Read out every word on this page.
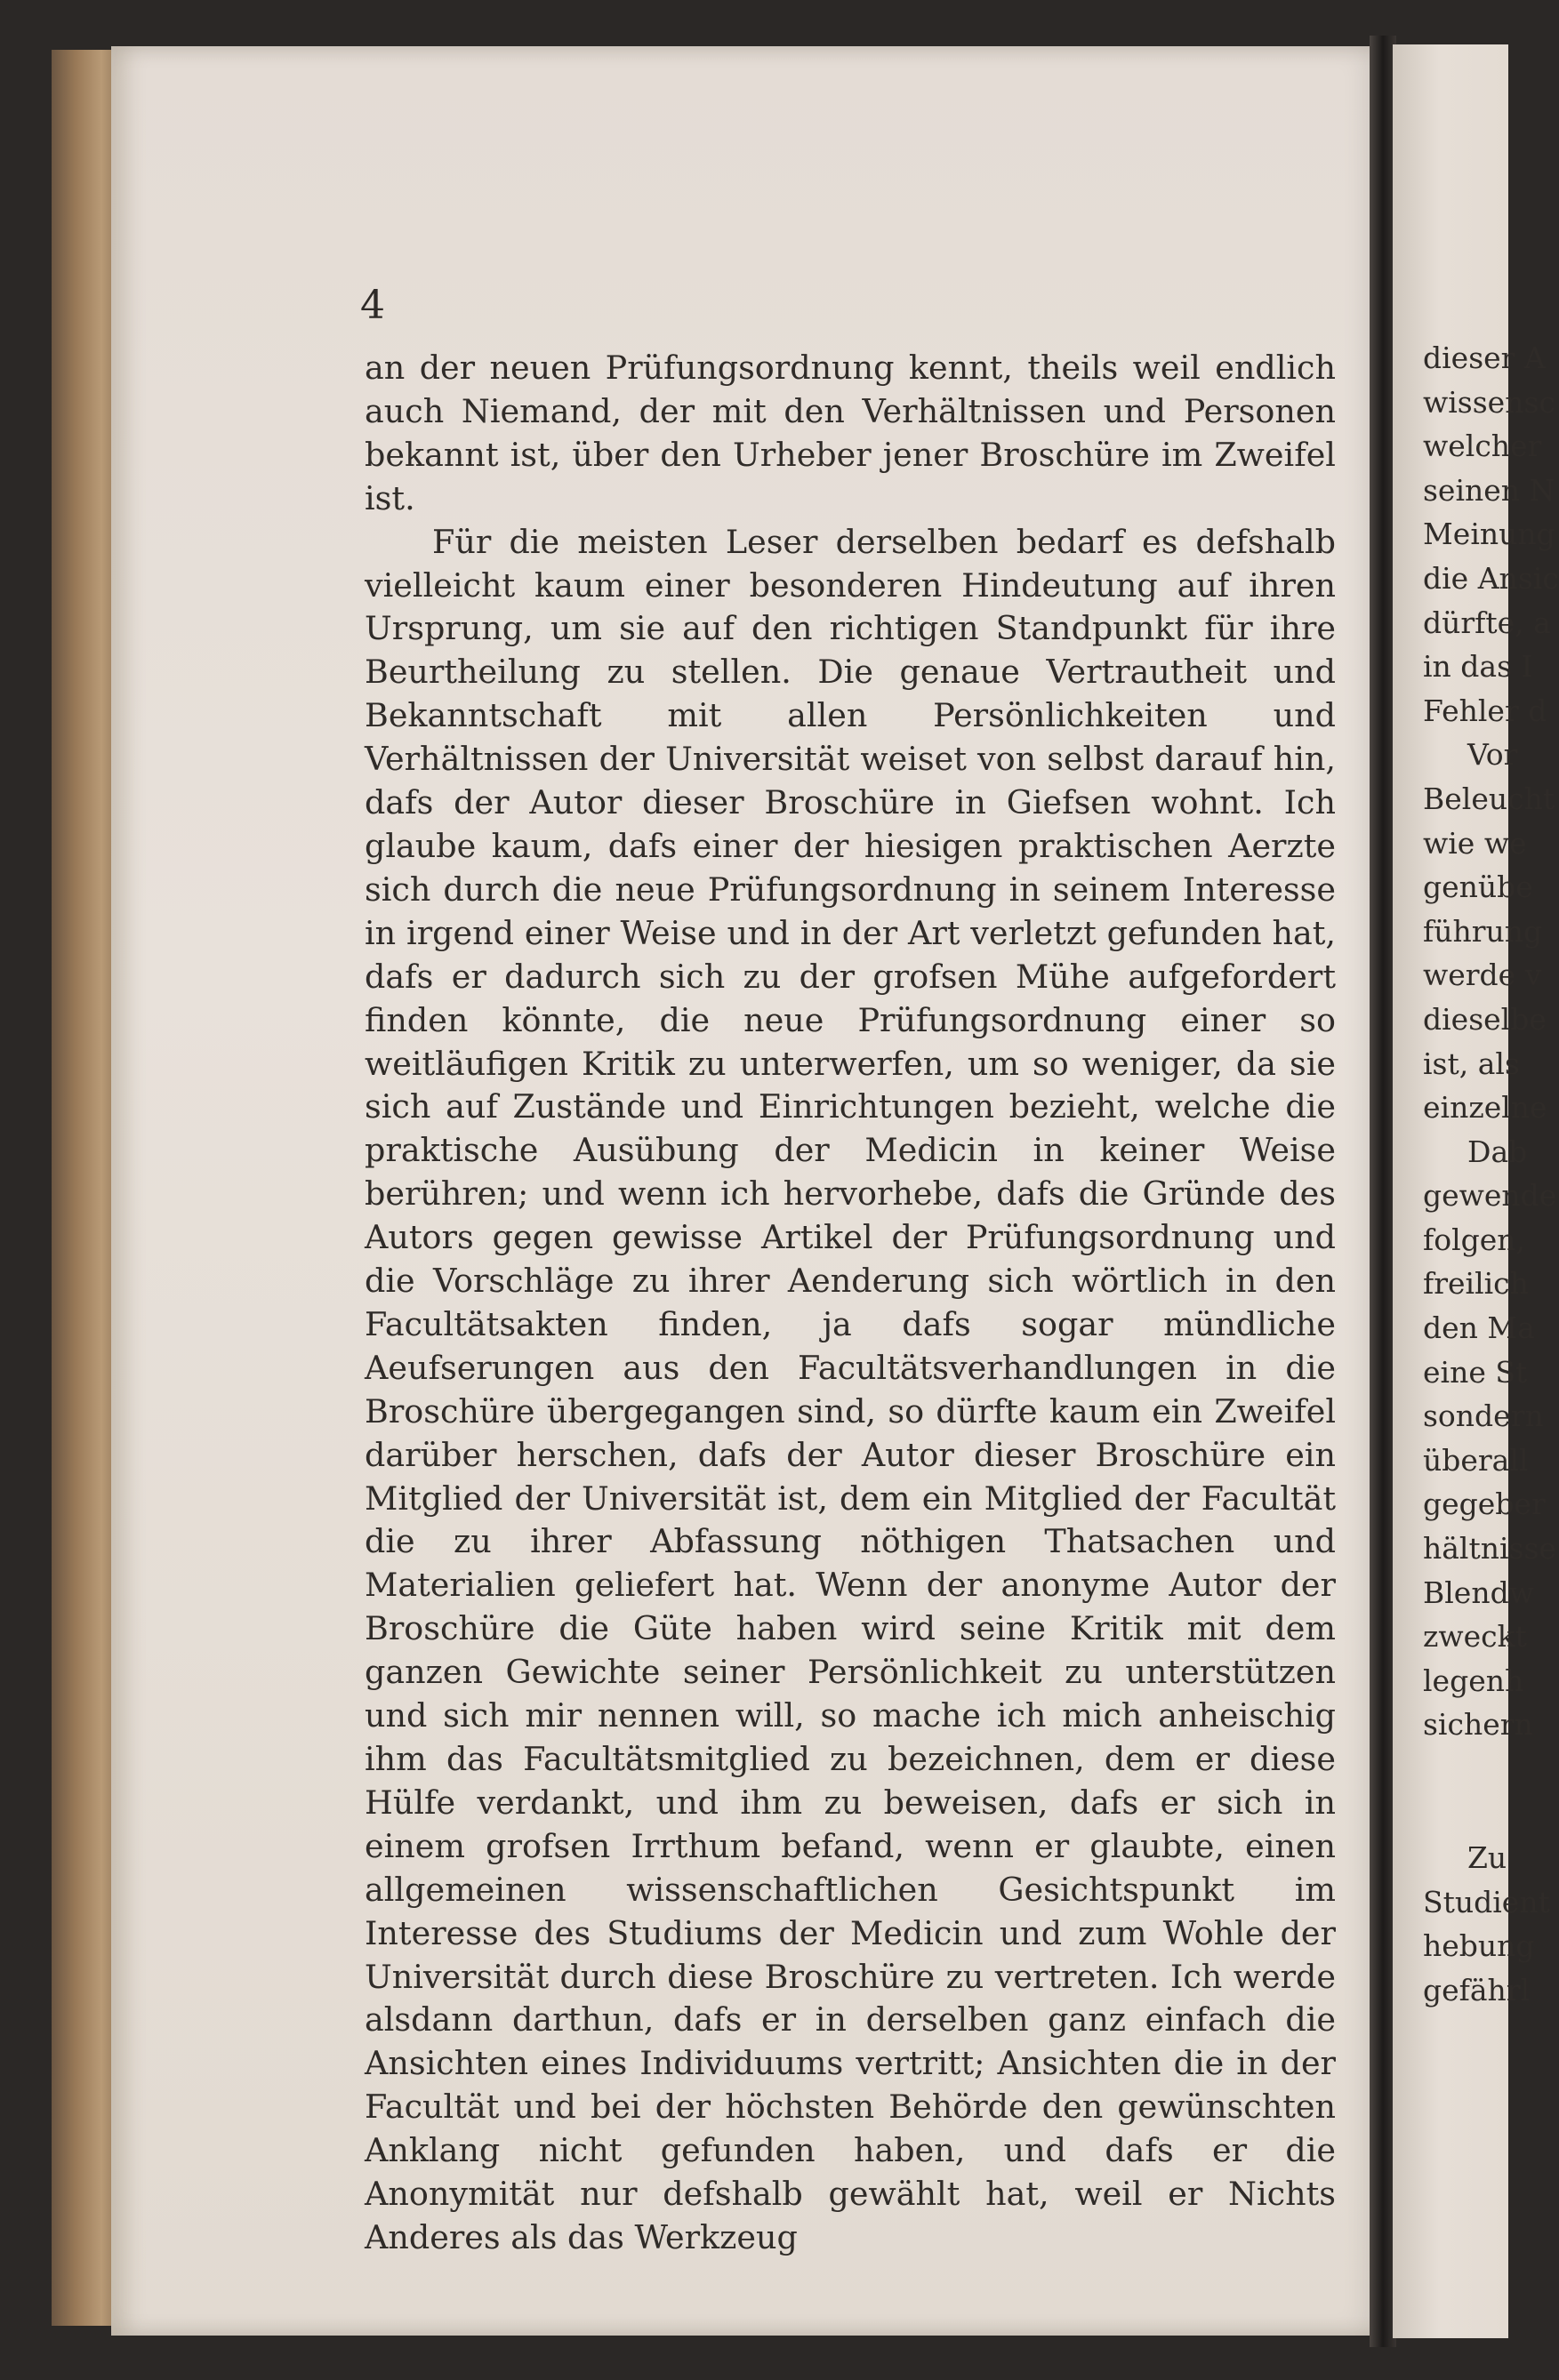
4

an der neuen Prüfungsordnung kennt, theils weil endlich auch Niemand, der mit den Verhältnissen und Personen bekannt ist, über den Urheber jener Broschüre im Zweifel ist.

Für die meisten Leser derselben bedarf es defshalb vielleicht kaum einer besonderen Hindeutung auf ihren Ursprung, um sie auf den richtigen Standpunkt für ihre Beurtheilung zu stellen. Die genaue Vertrautheit und Bekanntschaft mit allen Persönlichkeiten und Verhältnissen der Universität weiset von selbst darauf hin, dafs der Autor dieser Broschüre in Giefsen wohnt. Ich glaube kaum, dafs einer der hiesigen praktischen Aerzte sich durch die neue Prüfungsordnung in seinem Interesse in irgend einer Weise und in der Art verletzt gefunden hat, dafs er dadurch sich zu der grofsen Mühe aufgefordert finden könnte, die neue Prüfungsordnung einer so weitläufigen Kritik zu unterwerfen, um so weniger, da sie sich auf Zustände und Einrichtungen bezieht, welche die praktische Ausübung der Medicin in keiner Weise berühren; und wenn ich hervorhebe, dafs die Gründe des Autors gegen gewisse Artikel der Prüfungsordnung und die Vorschläge zu ihrer Aenderung sich wörtlich in den Facultätsakten finden, ja dafs sogar mündliche Aeufserungen aus den Facultätsverhandlungen in die Broschüre übergegangen sind, so dürfte kaum ein Zweifel darüber herschen, dafs der Autor dieser Broschüre ein Mitglied der Universität ist, dem ein Mitglied der Facultät die zu ihrer Abfassung nöthigen Thatsachen und Materialien geliefert hat. Wenn der anonyme Autor der Broschüre die Güte haben wird seine Kritik mit dem ganzen Gewichte seiner Persönlichkeit zu unterstützen und sich mir nennen will, so mache ich mich anheischig ihm das Facultätsmitglied zu bezeichnen, dem er diese Hülfe verdankt, und ihm zu beweisen, dafs er sich in einem grofsen Irrthum befand, wenn er glaubte, einen allgemeinen wissenschaftlichen Gesichtspunkt im Interesse des Studiums der Medicin und zum Wohle der Universität durch diese Broschüre zu vertreten. Ich werde alsdann darthun, dafs er in derselben ganz einfach die Ansichten eines Individuums vertritt; Ansichten die in der Facultät und bei der höchsten Behörde den gewünschten Anklang nicht gefunden haben, und dafs er die Anonymität nur defshalb gewählt hat, weil er Nichts Anderes als das Werkzeug

dieser A
wissensc
welcher
seinen N
Meinung
die Ansic
dürfte, a
in das I
Fehler d
Vor
Beleucht
wie we
genübe
führung
werde v
dieselbe
ist, als
einzelne
Dab
gewende
folgen,
freilich
den Ma
eine St
sondern
überall
gegeber
hältnisse
Blendw
zweckt
legenh
sichern
Zu
Studient
hebung
gefährl
